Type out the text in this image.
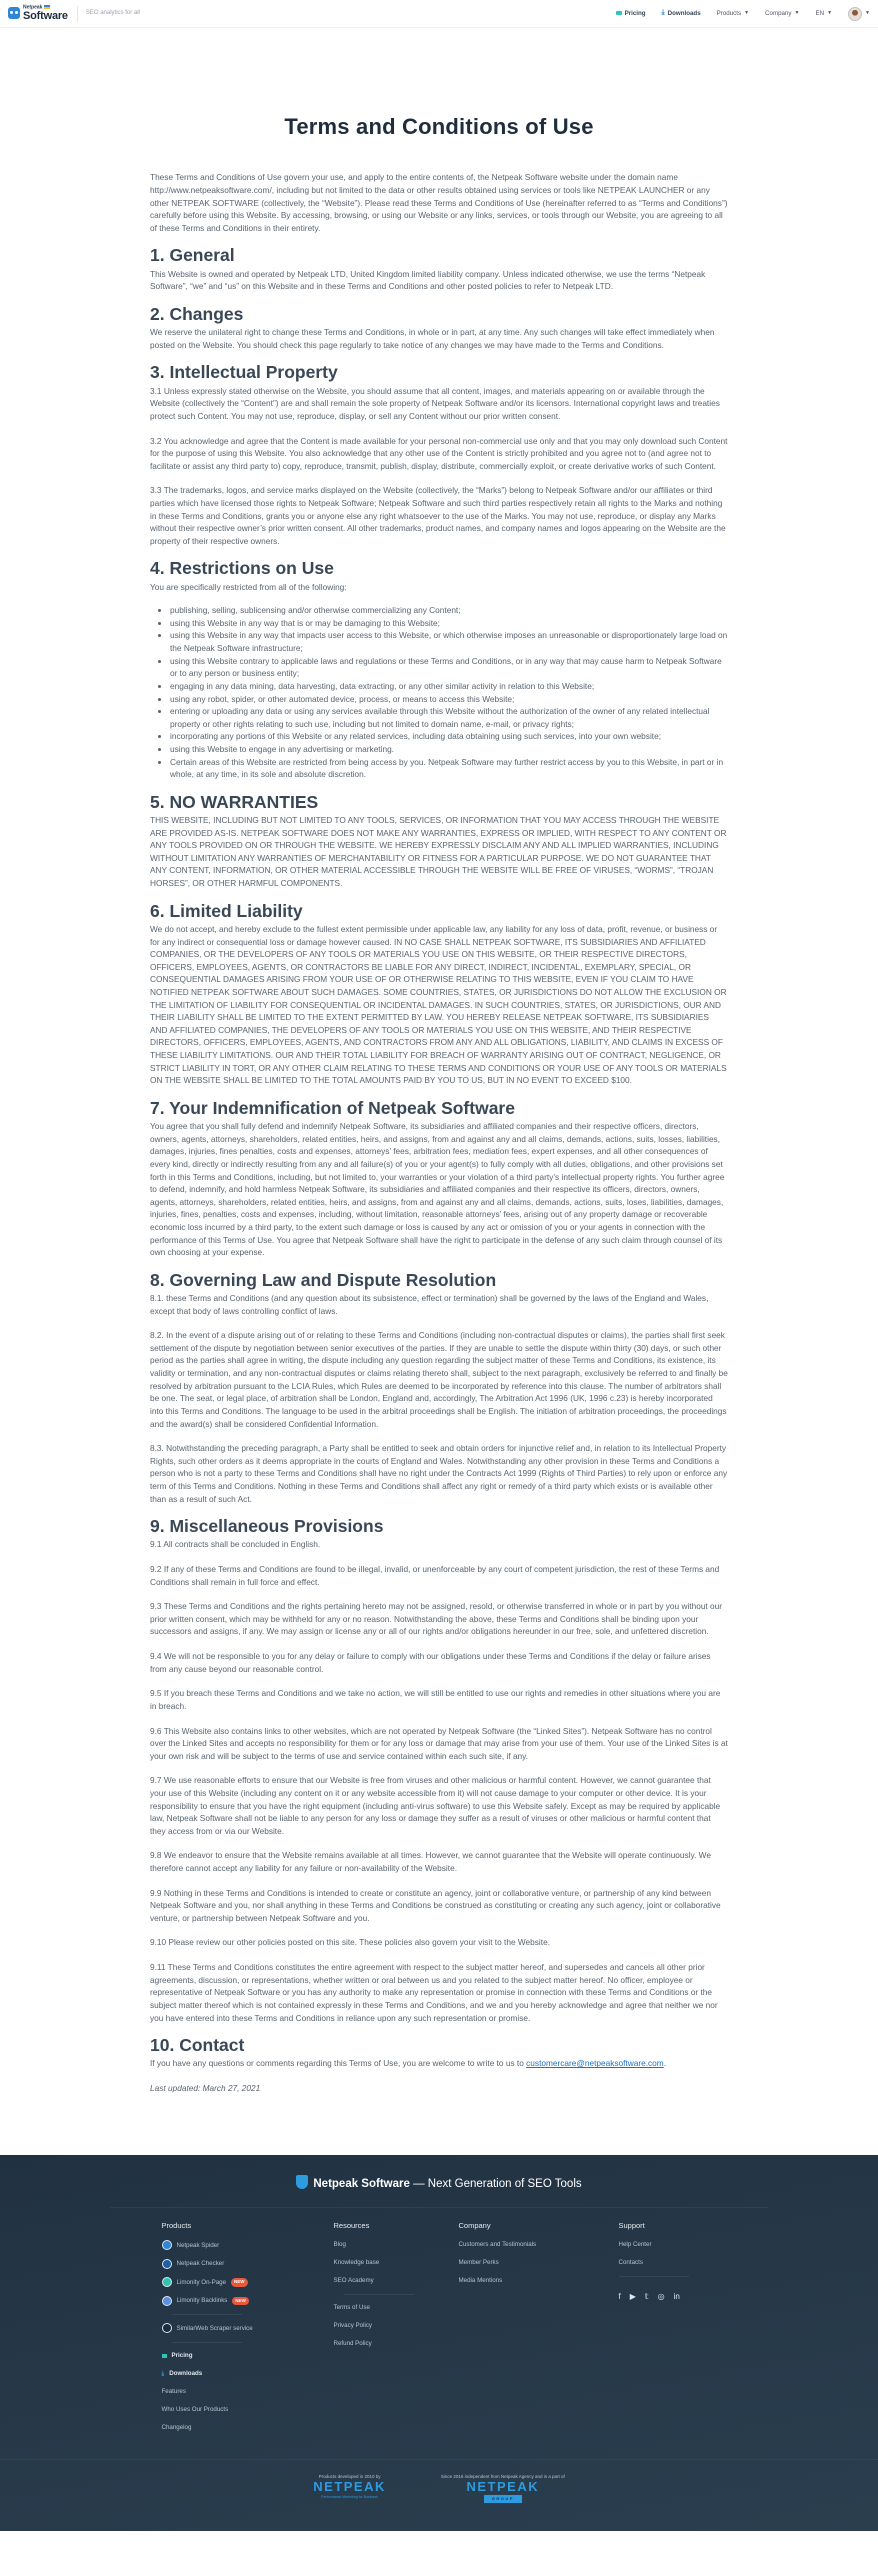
Netpeak
Software	SEO analytics for all	Pricing ⤓ Downloads	Products ▼	Company ▼	EN ▼	▼
Terms and Conditions of Use

These Terms and Conditions of Use govern your use, and apply to the entire contents of, the Netpeak Software website under the domain name http://www.netpeaksoftware.com/, including but not limited to the data or other results obtained using services or tools like NETPEAK LAUNCHER or any other NETPEAK SOFTWARE (collectively, the “Website”). Please read these Terms and Conditions of Use (hereinafter referred to as “Terms and Conditions”) carefully before using this Website. By accessing, browsing, or using our Website or any links, services, or tools through our Website, you are agreeing to all of these Terms and Conditions in their entirety.

1. General

This Website is owned and operated by Netpeak LTD, United Kingdom limited liability company. Unless indicated otherwise, we use the terms “Netpeak Software”, “we” and “us” on this Website and in these Terms and Conditions and other posted policies to refer to Netpeak LTD.

2. Changes

We reserve the unilateral right to change these Terms and Conditions, in whole or in part, at any time. Any such changes will take effect immediately when posted on the Website. You should check this page regularly to take notice of any changes we may have made to the Terms and Conditions.

3. Intellectual Property

3.1 Unless expressly stated otherwise on the Website, you should assume that all content, images, and materials appearing on or available through the Website (collectively the “Content”) are and shall remain the sole property of Netpeak Software and/or its licensors. International copyright laws and treaties protect such Content. You may not use, reproduce, display, or sell any Content without our prior written consent.

3.2 You acknowledge and agree that the Content is made available for your personal non-commercial use only and that you may only download such Content for the purpose of using this Website. You also acknowledge that any other use of the Content is strictly prohibited and you agree not to (and agree not to facilitate or assist any third party to) copy, reproduce, transmit, publish, display, distribute, commercially exploit, or create derivative works of such Content.

3.3 The trademarks, logos, and service marks displayed on the Website (collectively, the “Marks”) belong to Netpeak Software and/or our affiliates or third parties which have licensed those rights to Netpeak Software; Netpeak Software and such third parties respectively retain all rights to the Marks and nothing in these Terms and Conditions, grants you or anyone else any right whatsoever to the use of the Marks. You may not use, reproduce, or display any Marks without their respective owner’s prior written consent. All other trademarks, product names, and company names and logos appearing on the Website are the property of their respective owners.

4. Restrictions on Use
You are specifically restricted from all of the following:
• publishing, selling, sublicensing and/or otherwise commercializing any Content;
• using this Website in any way that is or may be damaging to this Website;
• using this Website in any way that impacts user access to this Website, or which otherwise imposes an unreasonable or disproportionately large load on the Netpeak Software infrastructure;
• using this Website contrary to applicable laws and regulations or these Terms and Conditions, or in any way that may cause harm to Netpeak Software or to any person or business entity;
• engaging in any data mining, data harvesting, data extracting, or any other similar activity in relation to this Website;
• using any robot, spider, or other automated device, process, or means to access this Website;
• entering or uploading any data or using any services available through this Website without the authorization of the owner of any related intellectual property or other rights relating to such use, including but not limited to domain name, e-mail, or privacy rights;
• incorporating any portions of this Website or any related services, including data obtaining using such services, into your own website;
• using this Website to engage in any advertising or marketing.
• Certain areas of this Website are restricted from being access by you. Netpeak Software may further restrict access by you to this Website, in part or in whole, at any time, in its sole and absolute discretion.
5. NO WARRANTIES

THIS WEBSITE, INCLUDING BUT NOT LIMITED TO ANY TOOLS, SERVICES, OR INFORMATION THAT YOU MAY ACCESS THROUGH THE WEBSITE ARE PROVIDED AS-IS. NETPEAK SOFTWARE DOES NOT MAKE ANY WARRANTIES, EXPRESS OR IMPLIED, WITH RESPECT TO ANY CONTENT OR ANY TOOLS PROVIDED ON OR THROUGH THE WEBSITE. WE HEREBY EXPRESSLY DISCLAIM ANY AND ALL IMPLIED WARRANTIES, INCLUDING WITHOUT LIMITATION ANY WARRANTIES OF MERCHANTABILITY OR FITNESS FOR A PARTICULAR PURPOSE. WE DO NOT GUARANTEE THAT ANY CONTENT, INFORMATION, OR OTHER MATERIAL ACCESSIBLE THROUGH THE WEBSITE WILL BE FREE OF VIRUSES, “WORMS”, “TROJAN HORSES”, OR OTHER HARMFUL COMPONENTS.

6. Limited Liability

We do not accept, and hereby exclude to the fullest extent permissible under applicable law, any liability for any loss of data, profit, revenue, or business or for any indirect or consequential loss or damage however caused. IN NO CASE SHALL NETPEAK SOFTWARE, ITS SUBSIDIARIES AND AFFILIATED COMPANIES, OR THE DEVELOPERS OF ANY TOOLS OR MATERIALS YOU USE ON THIS WEBSITE, OR THEIR RESPECTIVE DIRECTORS, OFFICERS, EMPLOYEES, AGENTS, OR CONTRACTORS BE LIABLE FOR ANY DIRECT, INDIRECT, INCIDENTAL, EXEMPLARY, SPECIAL, OR CONSEQUENTIAL DAMAGES ARISING FROM YOUR USE OF OR OTHERWISE RELATING TO THIS WEBSITE, EVEN IF YOU CLAIM TO HAVE NOTIFIED NETPEAK SOFTWARE ABOUT SUCH DAMAGES. SOME COUNTRIES, STATES, OR JURISDICTIONS DO NOT ALLOW THE EXCLUSION OR THE LIMITATION OF LIABILITY FOR CONSEQUENTIAL OR INCIDENTAL DAMAGES. IN SUCH COUNTRIES, STATES, OR JURISDICTIONS, OUR AND THEIR LIABILITY SHALL BE LIMITED TO THE EXTENT PERMITTED BY LAW. YOU HEREBY RELEASE NETPEAK SOFTWARE, ITS SUBSIDIARIES AND AFFILIATED COMPANIES, THE DEVELOPERS OF ANY TOOLS OR MATERIALS YOU USE ON THIS WEBSITE, AND THEIR RESPECTIVE DIRECTORS, OFFICERS, EMPLOYEES, AGENTS, AND CONTRACTORS FROM ANY AND ALL OBLIGATIONS, LIABILITY, AND CLAIMS IN EXCESS OF THESE LIABILITY LIMITATIONS. OUR AND THEIR TOTAL LIABILITY FOR BREACH OF WARRANTY ARISING OUT OF CONTRACT, NEGLIGENCE, OR STRICT LIABILITY IN TORT, OR ANY OTHER CLAIM RELATING TO THESE TERMS AND CONDITIONS OR YOUR USE OF ANY TOOLS OR MATERIALS ON THE WEBSITE SHALL BE LIMITED TO THE TOTAL AMOUNTS PAID BY YOU TO US, BUT IN NO EVENT TO EXCEED $100.

7. Your Indemnification of Netpeak Software

You agree that you shall fully defend and indemnify Netpeak Software, its subsidiaries and affiliated companies and their respective officers, directors, owners, agents, attorneys, shareholders, related entities, heirs, and assigns, from and against any and all claims, demands, actions, suits, losses, liabilities, damages, injuries, fines penalties, costs and expenses, attorneys’ fees, arbitration fees, mediation fees, expert expenses, and all other consequences of every kind, directly or indirectly resulting from any and all failure(s) of you or your agent(s) to fully comply with all duties, obligations, and other provisions set forth in this Terms and Conditions, including, but not limited to, your warranties or your violation of a third party’s intellectual property rights. You further agree to defend, indemnify, and hold harmless Netpeak Software, its subsidiaries and affiliated companies and their respective its officers, directors, owners, agents, attorneys, shareholders, related entities, heirs, and assigns, from and against any and all claims, demands, actions, suits, loses, liabilities, damages, injuries, fines, penalties, costs and expenses, including, without limitation, reasonable attorneys’ fees, arising out of any property damage or recoverable economic loss incurred by a third party, to the extent such damage or loss is caused by any act or omission of you or your agents in connection with the performance of this Terms of Use. You agree that Netpeak Software shall have the right to participate in the defense of any such claim through counsel of its own choosing at your expense.

8. Governing Law and Dispute Resolution

8.1. these Terms and Conditions (and any question about its subsistence, effect or termination) shall be governed by the laws of the England and Wales, except that body of laws controlling conflict of laws.

8.2. In the event of a dispute arising out of or relating to these Terms and Conditions (including non-contractual disputes or claims), the parties shall first seek settlement of the dispute by negotiation between senior executives of the parties. If they are unable to settle the dispute within thirty (30) days, or such other period as the parties shall agree in writing, the dispute including any question regarding the subject matter of these Terms and Conditions, its existence, its validity or termination, and any non-contractual disputes or claims relating thereto shall, subject to the next paragraph, exclusively be referred to and finally be resolved by arbitration pursuant to the LCIA Rules, which Rules are deemed to be incorporated by reference into this clause. The number of arbitrators shall be one. The seat, or legal place, of arbitration shall be London, England and, accordingly, The Arbitration Act 1996 (UK, 1996 c.23) is hereby incorporated into this Terms and Conditions. The language to be used in the arbitral proceedings shall be English. The initiation of arbitration proceedings, the proceedings and the award(s) shall be considered Confidential Information.

8.3. Notwithstanding the preceding paragraph, a Party shall be entitled to seek and obtain orders for injunctive relief and, in relation to its Intellectual Property Rights, such other orders as it deems appropriate in the courts of England and Wales. Notwithstanding any other provision in these Terms and Conditions a person who is not a party to these Terms and Conditions shall have no right under the Contracts Act 1999 (Rights of Third Parties) to rely upon or enforce any term of this Terms and Conditions. Nothing in these Terms and Conditions shall affect any right or remedy of a third party which exists or is available other than as a result of such Act.

9. Miscellaneous Provisions

9.1 All contracts shall be concluded in English.

9.2 If any of these Terms and Conditions are found to be illegal, invalid, or unenforceable by any court of competent jurisdiction, the rest of these Terms and Conditions shall remain in full force and effect.

9.3 These Terms and Conditions and the rights pertaining hereto may not be assigned, resold, or otherwise transferred in whole or in part by you without our prior written consent, which may be withheld for any or no reason. Notwithstanding the above, these Terms and Conditions shall be binding upon your successors and assigns, if any. We may assign or license any or all of our rights and/or obligations hereunder in our free, sole, and unfettered discretion.

9.4 We will not be responsible to you for any delay or failure to comply with our obligations under these Terms and Conditions if the delay or failure arises from any cause beyond our reasonable control.

9.5 If you breach these Terms and Conditions and we take no action, we will still be entitled to use our rights and remedies in other situations where you are in breach.

9.6 This Website also contains links to other websites, which are not operated by Netpeak Software (the “Linked Sites”). Netpeak Software has no control over the Linked Sites and accepts no responsibility for them or for any loss or damage that may arise from your use of them. Your use of the Linked Sites is at your own risk and will be subject to the terms of use and service contained within each such site, if any.

9.7 We use reasonable efforts to ensure that our Website is free from viruses and other malicious or harmful content. However, we cannot guarantee that your use of this Website (including any content on it or any website accessible from it) will not cause damage to your computer or other device. It is your responsibility to ensure that you have the right equipment (including anti-virus software) to use this Website safely. Except as may be required by applicable law, Netpeak Software shall not be liable to any person for any loss or damage they suffer as a result of viruses or other malicious or harmful content that they access from or via our Website.

9.8 We endeavor to ensure that the Website remains available at all times. However, we cannot guarantee that the Website will operate continuously. We therefore cannot accept any liability for any failure or non-availability of the Website.

9.9 Nothing in these Terms and Conditions is intended to create or constitute an agency, joint or collaborative venture, or partnership of any kind between Netpeak Software and you, nor shall anything in these Terms and Conditions be construed as constituting or creating any such agency, joint or collaborative venture, or partnership between Netpeak Software and you.

9.10 Please review our other policies posted on this site. These policies also govern your visit to the Website.

9.11 These Terms and Conditions constitutes the entire agreement with respect to the subject matter hereof, and supersedes and cancels all other prior agreements, discussion, or representations, whether written or oral between us and you related to the subject matter hereof. No officer, employee or representative of Netpeak Software or you has any authority to make any representation or promise in connection with these Terms and Conditions or the subject matter thereof which is not contained expressly in these Terms and Conditions, and we and you hereby acknowledge and agree that neither we nor you have entered into these Terms and Conditions in reliance upon any such representation or promise.

10. Contact

If you have any questions or comments regarding this Terms of Use, you are welcome to write to us to customercare@netpeaksoftware.com.

Last updated: March 27, 2021

Netpeak Software — Next Generation of SEO Tools
Products
Netpeak Spider
Netpeak Checker
Limonity On-Page	NEW
Limonity Backlinks	NEW
SimilarWeb Scraper service
Pricing
⤓ Downloads
Features
Who Uses Our Products
Changelog
Resources
Blog
Knowledge base
SEO Academy
Terms of Use
Privacy Policy
Refund Policy
Company
Customers and Testimonials
Member Perks
Media Mentions
Support
Help Center
Contacts
f ▶ 𝕥 ◎ in
Products developed in 2010 by
NETPEAK
Performance Marketing for Business
Since 2016 independent from Netpeak Agency and is a part of
NETPEAK
GROUP
